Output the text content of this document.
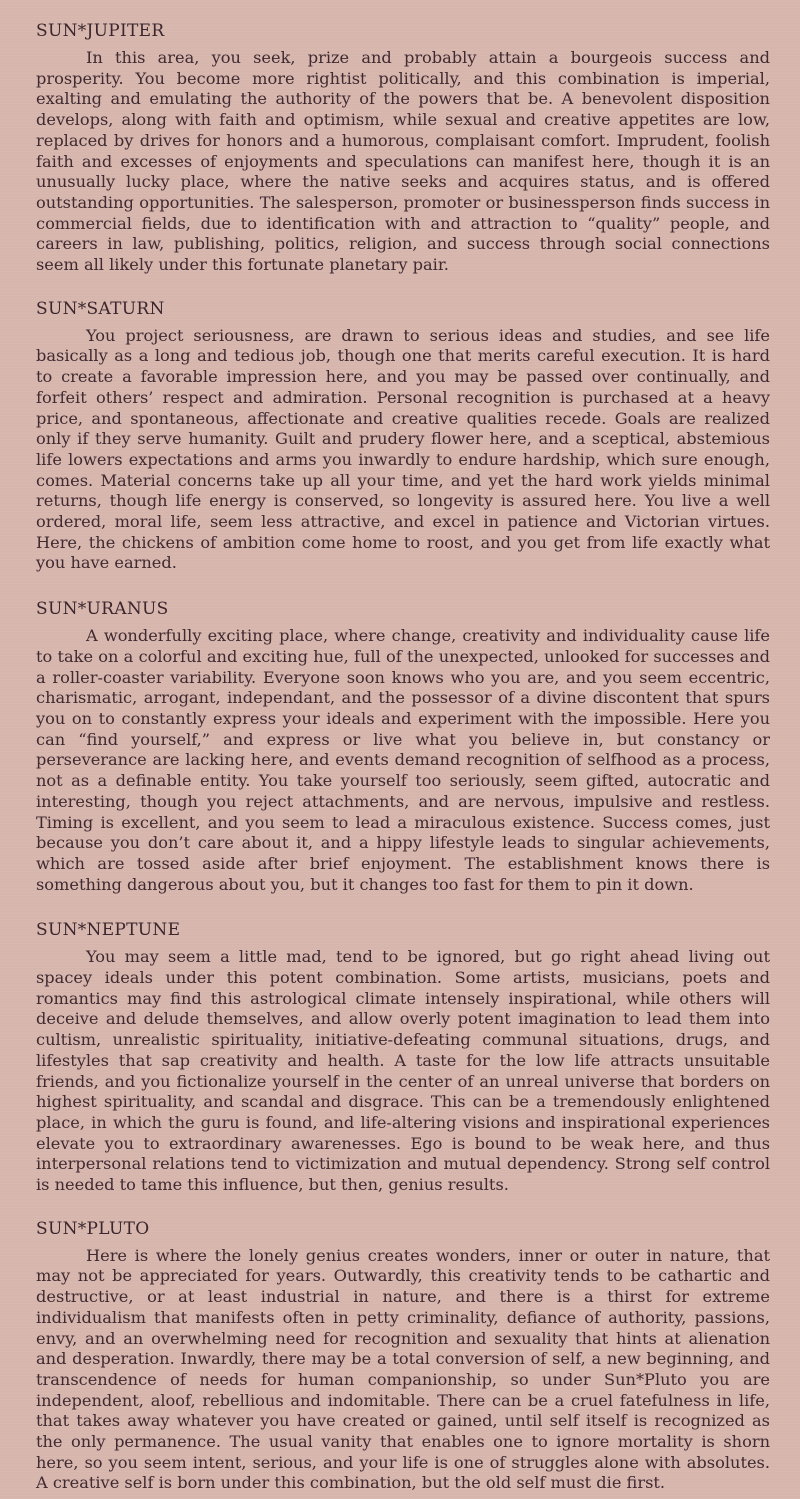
SUN*JUPITER

In this area, you seek, prize and probably attain a bourgeois success and prosperity. You become more rightist politically, and this combination is imperial, exalting and emulating the authority of the powers that be. A benevolent disposition develops, along with faith and optimism, while sexual and creative appetites are low, replaced by drives for honors and a humorous, complaisant comfort. Imprudent, foolish faith and excesses of enjoyments and speculations can manifest here, though it is an unusually lucky place, where the native seeks and acquires status, and is offered outstanding opportunities. The salesperson, promoter or businessperson finds success in commercial fields, due to identification with and attraction to “quality” people, and careers in law, publishing, politics, religion, and success through social connections seem all likely under this fortunate planetary pair.

SUN*SATURN

You project seriousness, are drawn to serious ideas and studies, and see life basically as a long and tedious job, though one that merits careful execution. It is hard to create a favorable impression here, and you may be passed over continually, and forfeit others’ respect and admiration. Personal recognition is purchased at a heavy price, and spontaneous, affectionate and creative qualities recede. Goals are realized only if they serve humanity. Guilt and prudery flower here, and a sceptical, abstemious life lowers expectations and arms you inwardly to endure hardship, which sure enough, comes. Material concerns take up all your time, and yet the hard work yields minimal returns, though life energy is conserved, so longevity is assured here. You live a well ordered, moral life, seem less attractive, and excel in patience and Victorian virtues. Here, the chickens of ambition come home to roost, and you get from life exactly what you have earned.

SUN*URANUS

A wonderfully exciting place, where change, creativity and individuality cause life to take on a colorful and exciting hue, full of the unexpected, unlooked for successes and a roller-coaster variability. Everyone soon knows who you are, and you seem eccentric, charismatic, arrogant, independant, and the possessor of a divine discontent that spurs you on to constantly express your ideals and experiment with the impossible. Here you can “find yourself,” and express or live what you believe in, but constancy or perseverance are lacking here, and events demand recognition of selfhood as a process, not as a definable entity. You take yourself too seriously, seem gifted, autocratic and interesting, though you reject attachments, and are nervous, impulsive and restless. Timing is excellent, and you seem to lead a miraculous existence. Success comes, just because you don’t care about it, and a hippy lifestyle leads to singular achievements, which are tossed aside after brief enjoyment. The establishment knows there is something dangerous about you, but it changes too fast for them to pin it down.

SUN*NEPTUNE

You may seem a little mad, tend to be ignored, but go right ahead living out spacey ideals under this potent combination. Some artists, musicians, poets and romantics may find this astrological climate intensely inspirational, while others will deceive and delude themselves, and allow overly potent imagination to lead them into cultism, unrealistic spirituality, initiative-defeating communal situations, drugs, and lifestyles that sap creativity and health. A taste for the low life attracts unsuitable friends, and you fictionalize yourself in the center of an unreal universe that borders on highest spirituality, and scandal and disgrace. This can be a tremendously enlightened place, in which the guru is found, and life-altering visions and inspirational experiences elevate you to extraordinary awarenesses. Ego is bound to be weak here, and thus interpersonal relations tend to victimization and mutual dependency. Strong self control is needed to tame this influence, but then, genius results.

SUN*PLUTO

Here is where the lonely genius creates wonders, inner or outer in nature, that may not be appreciated for years. Outwardly, this creativity tends to be cathartic and destructive, or at least industrial in nature, and there is a thirst for extreme individualism that manifests often in petty criminality, defiance of authority, passions, envy, and an overwhelming need for recognition and sexuality that hints at alienation and desperation. Inwardly, there may be a total conversion of self, a new beginning, and transcendence of needs for human companionship, so under Sun*Pluto you are independent, aloof, rebellious and indomitable. There can be a cruel fatefulness in life, that takes away whatever you have created or gained, until self itself is recognized as the only permanence. The usual vanity that enables one to ignore mortality is shorn here, so you seem intent, serious, and your life is one of struggles alone with absolutes. A creative self is born under this combination, but the old self must die first.
